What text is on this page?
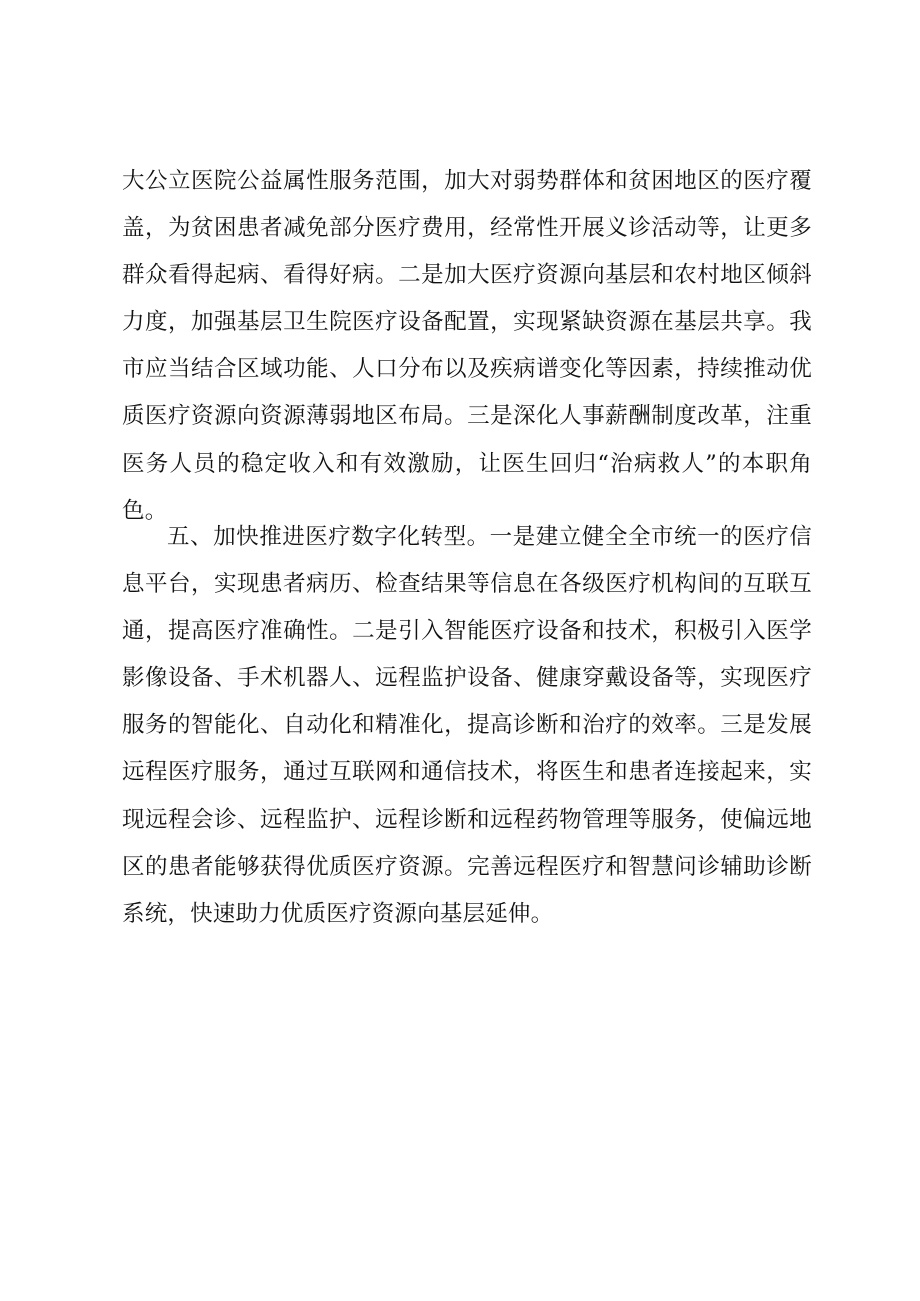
大公立医院公益属性服务范围，加大对弱势群体和贫困地区的医疗覆
盖，为贫困患者减免部分医疗费用，经常性开展义诊活动等，让更多
群众看得起病、看得好病。二是加大医疗资源向基层和农村地区倾斜
力度，加强基层卫生院医疗设备配置，实现紧缺资源在基层共享。我
市应当结合区域功能、人口分布以及疾病谱变化等因素，持续推动优
质医疗资源向资源薄弱地区布局。三是深化人事薪酬制度改革，注重
医务人员的稳定收入和有效激励，让医生回归“治病救人”的本职角
色。
五、加快推进医疗数字化转型。一是建立健全全市统一的医疗信
息平台，实现患者病历、检查结果等信息在各级医疗机构间的互联互
通，提高医疗准确性。二是引入智能医疗设备和技术，积极引入医学
影像设备、手术机器人、远程监护设备、健康穿戴设备等，实现医疗
服务的智能化、自动化和精准化，提高诊断和治疗的效率。三是发展
远程医疗服务，通过互联网和通信技术，将医生和患者连接起来，实
现远程会诊、远程监护、远程诊断和远程药物管理等服务，使偏远地
区的患者能够获得优质医疗资源。完善远程医疗和智慧问诊辅助诊断
系统，快速助力优质医疗资源向基层延伸。
